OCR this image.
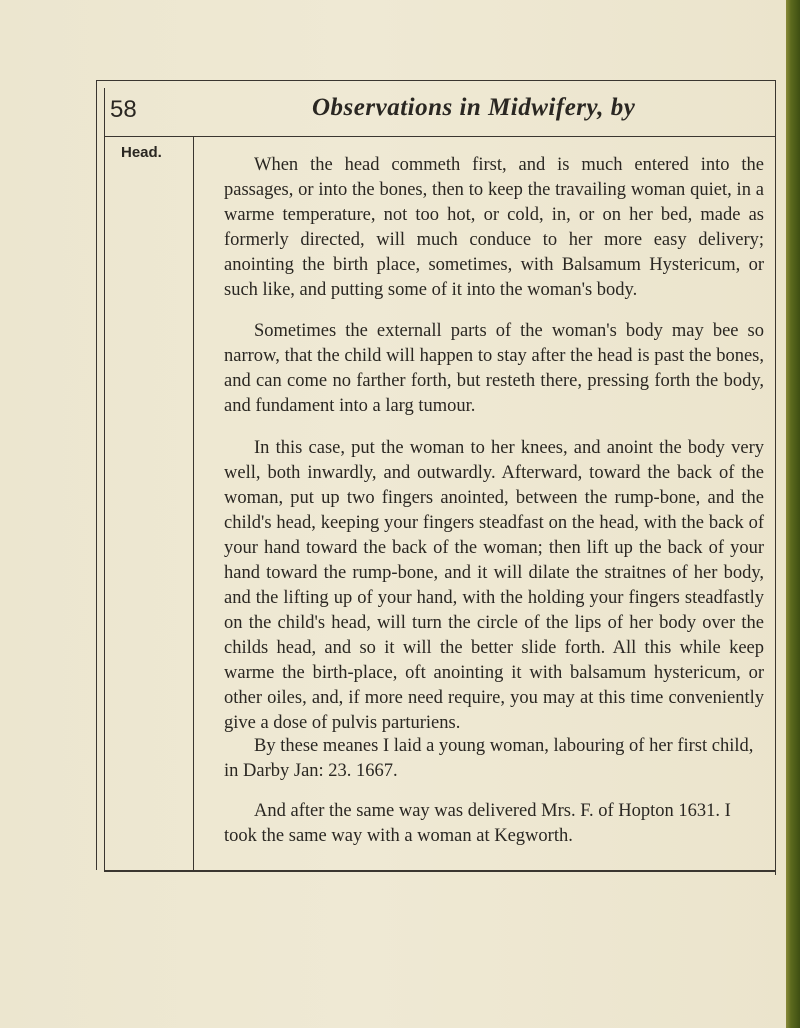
58	Observations in Midwifery, by
Head.

When the head commeth first, and is much entered into the passages, or into the bones, then to keep the travailing woman quiet, in a warme temperature, not too hot, or cold, in, or on her bed, made as formerly directed, will much conduce to her more easy delivery; anointing the birth place, sometimes, with Balsamum Hystericum, or such like, and putting some of it into the woman's body.

Sometimes the externall parts of the woman's body may bee so narrow, that the child will happen to stay after the head is past the bones, and can come no farther forth, but resteth there, pressing forth the body, and fundament into a larg tumour.

In this case, put the woman to her knees, and anoint the body very well, both inwardly, and outwardly. Afterward, toward the back of the woman, put up two fingers anointed, between the rump-bone, and the child's head, keeping your fingers steadfast on the head, with the back of your hand toward the back of the woman; then lift up the back of your hand toward the rump-bone, and it will dilate the straitnes of her body, and the lifting up of your hand, with the holding your fingers steadfastly on the child's head, will turn the circle of the lips of her body over the childs head, and so it will the better slide forth. All this while keep warme the birth-place, oft anointing it with balsamum hystericum, or other oiles, and, if more need require, you may at this time conveniently give a dose of pulvis parturiens.

By these meanes I laid a young woman, labouring of her first child, in Darby Jan: 23. 1667.

And after the same way was delivered Mrs. F. of Hopton 1631. I took the same way with a woman at Kegworth.
